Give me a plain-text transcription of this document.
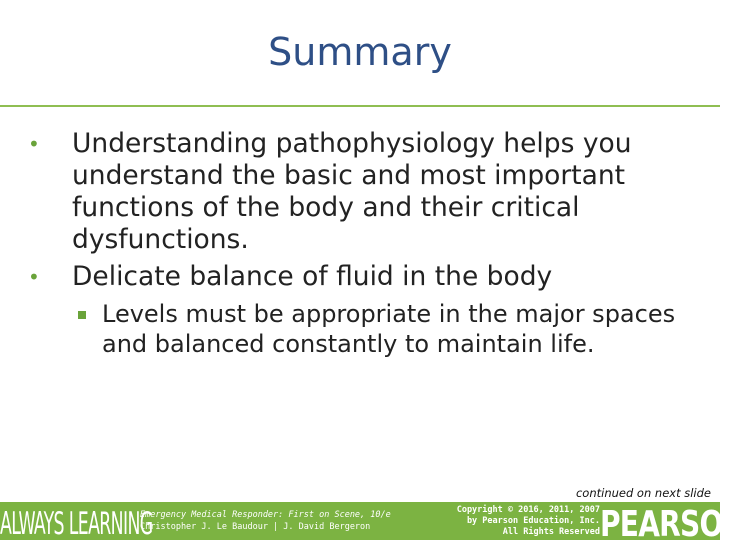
Summary
• Understanding pathophysiology helps you understand the basic and most important functions of the body and their critical dysfunctions.
• Delicate balance of fluid in the body
Levels must be appropriate in the major spaces and balanced constantly to maintain life.
continued on next slide
ALWAYS LEARNING
Emergency Medical Responder: First on Scene, 10/e
Christopher J. Le Baudour | J. David Bergeron
Copyright © 2016, 2011, 2007
by Pearson Education, Inc.
All Rights Reserved PEARSON
